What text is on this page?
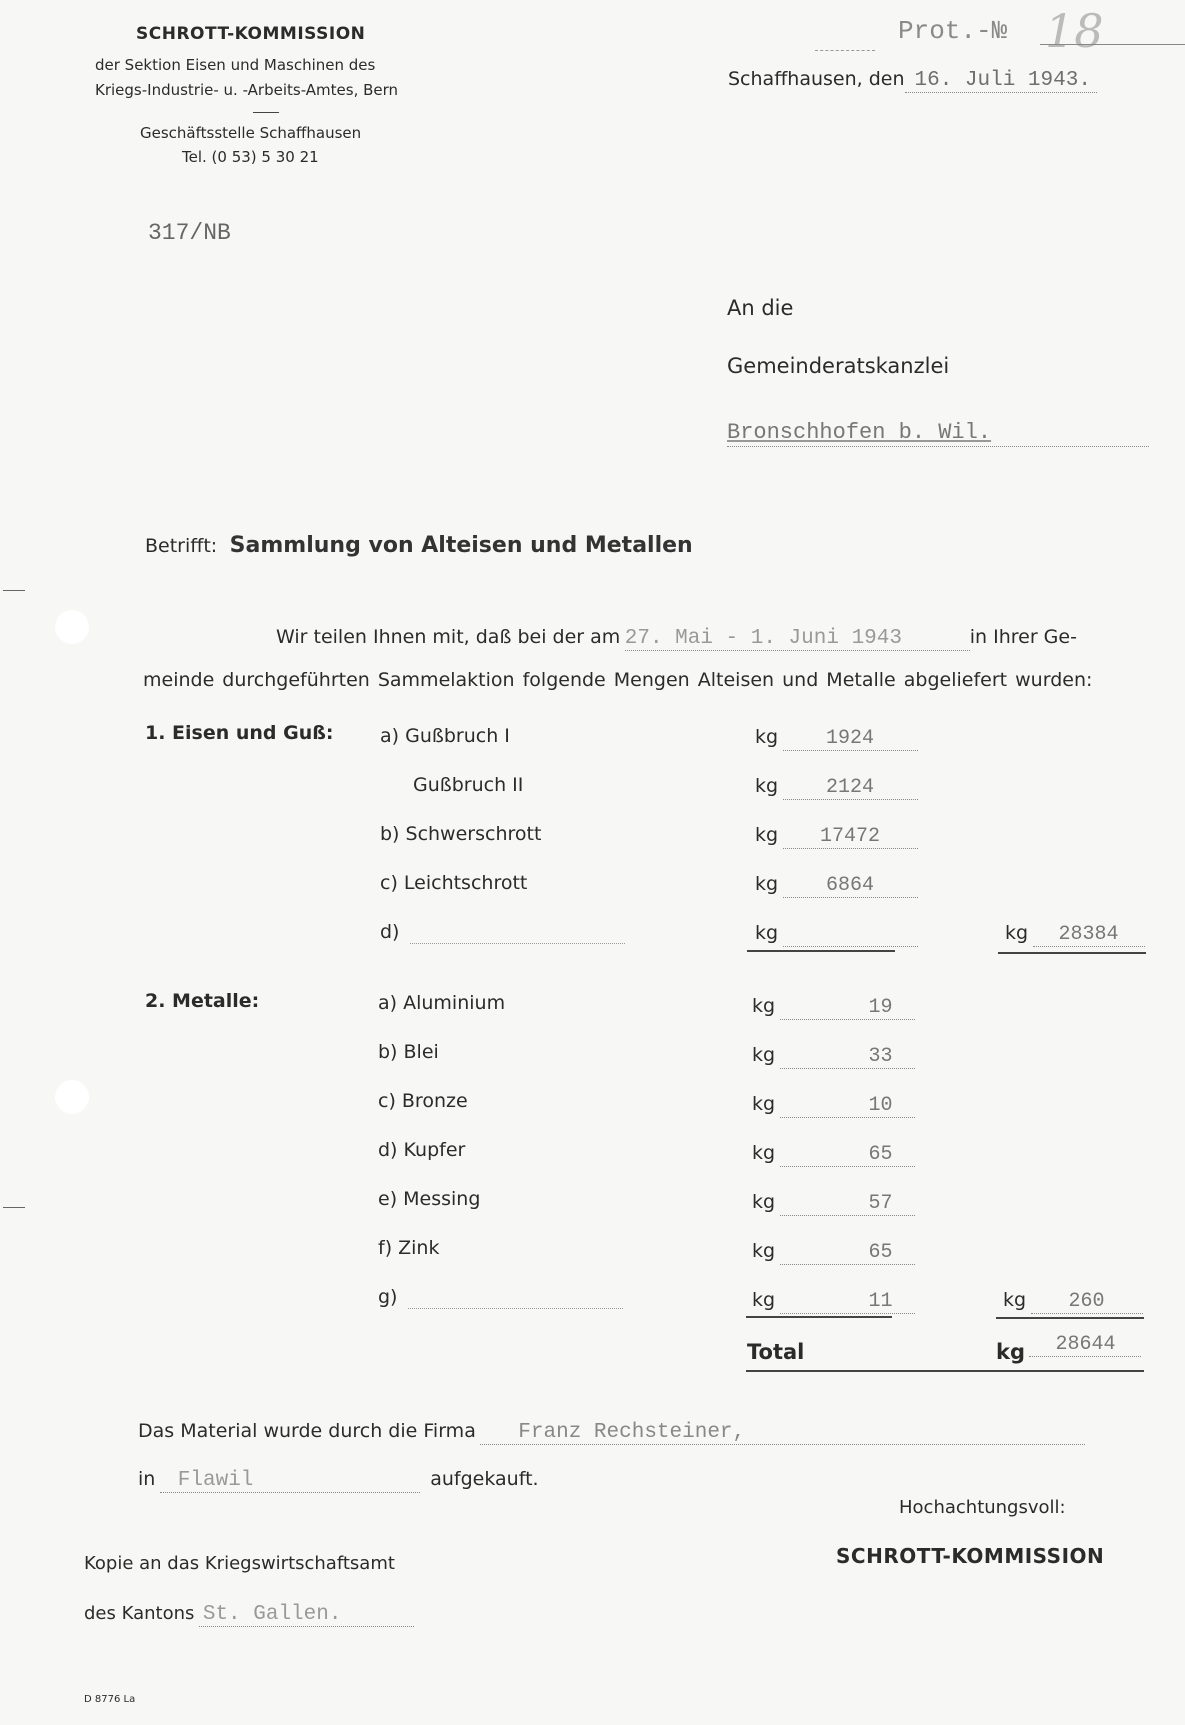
SCHROTT-KOMMISSION
der Sektion Eisen und Maschinen des
Kriegs-Industrie- u. -Arbeits-Amtes, Bern
Geschäftsstelle Schaffhausen
Tel. (0 53) 5 30 21
Prot.-№ 18
Schaffhausen, den 16. Juli 1943.
317/NB
An die
Gemeinderatskanzlei
Bronschhofen b. Wil.
Betrifft: Sammlung von Alteisen und Metallen
Wir teilen Ihnen mit, daß bei der am 27. Mai - 1. Juni 1943	in Ihrer Ge-
meinde durchgeführten Sammelaktion folgende Mengen Alteisen und Metalle abgeliefert wurden:
1. Eisen und Guß: a) Gußbruch I	kg 1924
Gußbruch II	kg 2124
b) Schwerschrott	kg 17472
c) Leichtschrott	kg 6864
d)	kg	kg 28384
2. Metalle:	a) Aluminium	kg	19
b) Blei	kg	33
c) Bronze	kg	10
d) Kupfer	kg	65
e) Messing	kg	57
f) Zink	kg	65
g)	kg	11	kg 260
Total	kg 28644
Das Material wurde durch die Firma Franz Rechsteiner,
in Flawil	aufgekauft.
Hochachtungsvoll:
SCHROTT-KOMMISSION
Kopie an das Kriegswirtschaftsamt
des Kantons St. Gallen.
D 8776 La
